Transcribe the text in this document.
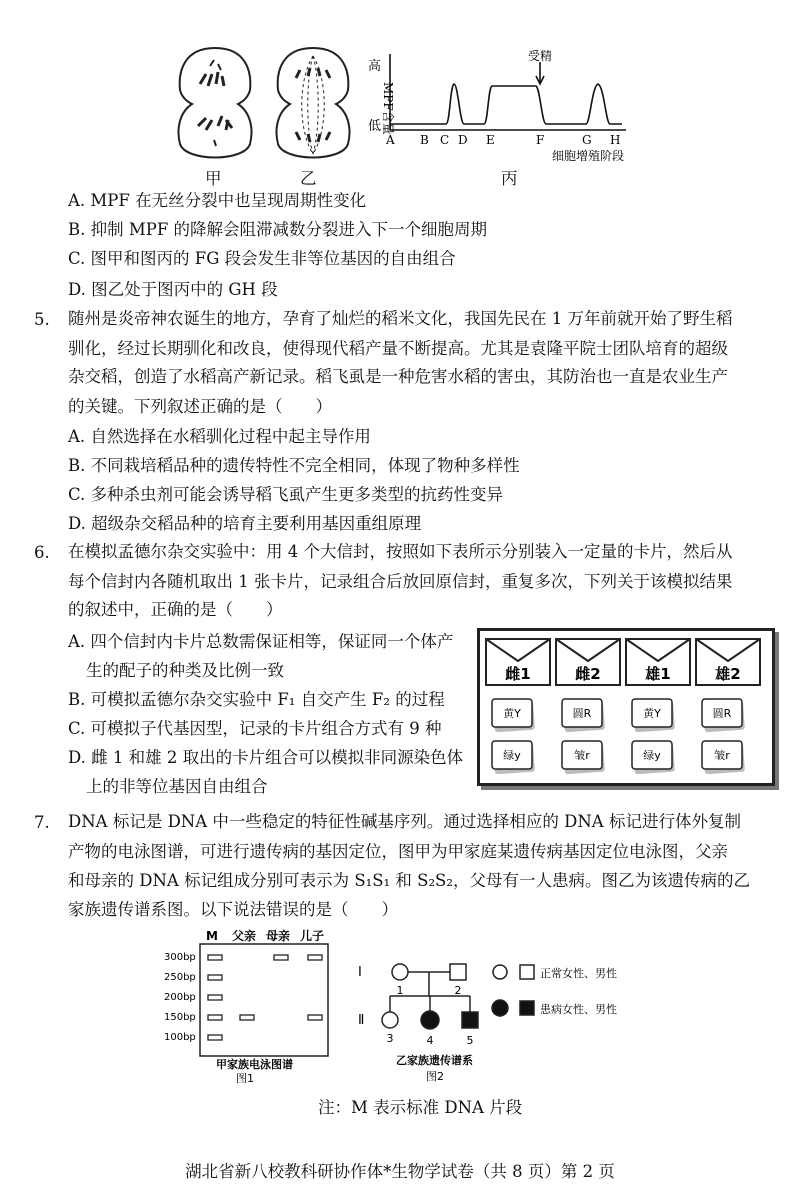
高
低 MPF含量
受精
A B C D E	F	G H
细胞增殖阶段
甲	乙	丙
A. MPF 在无丝分裂中也呈现周期性变化
B. 抑制 MPF 的降解会阻滞减数分裂进入下一个细胞周期
C. 图甲和图丙的 FG 段会发生非等位基因的自由组合
D. 图乙处于图丙中的 GH 段
5. 随州是炎帝神农诞生的地方，孕育了灿烂的稻米文化，我国先民在 1 万年前就开始了野生稻
驯化，经过长期驯化和改良，使得现代稻产量不断提高。尤其是袁隆平院士团队培育的超级
杂交稻，创造了水稻高产新记录。稻飞虱是一种危害水稻的害虫，其防治也一直是农业生产
的关键。下列叙述正确的是（　　）
A. 自然选择在水稻驯化过程中起主导作用
B. 不同栽培稻品种的遗传特性不完全相同，体现了物种多样性
C. 多种杀虫剂可能会诱导稻飞虱产生更多类型的抗药性变异
D. 超级杂交稻品种的培育主要利用基因重组原理
6. 在模拟孟德尔杂交实验中：用 4 个大信封，按照如下表所示分别装入一定量的卡片，然后从
每个信封内各随机取出 1 张卡片，记录组合后放回原信封，重复多次，下列关于该模拟结果
的叙述中，正确的是（　　）
A. 四个信封内卡片总数需保证相等，保证同一个体产
生的配子的种类及比例一致
B. 可模拟孟德尔杂交实验中 F₁ 自交产生 F₂ 的过程
C. 可模拟子代基因型，记录的卡片组合方式有 9 种
D. 雌 1 和雄 2 取出的卡片组合可以模拟非同源染色体
上的非等位基因自由组合
雌1	雌2	雄1	雄2
黄Y	圆R	黄Y	圆R
绿y	皱r	绿y	皱r
7. DNA 标记是 DNA 中一些稳定的特征性碱基序列。通过选择相应的 DNA 标记进行体外复制
产物的电泳图谱，可进行遗传病的基因定位，图甲为甲家庭某遗传病基因定位电泳图，父亲
和母亲的 DNA 标记组成分别可表示为 S₁S₁ 和 S₂S₂，父母有一人患病。图乙为该遗传病的乙
家族遗传谱系图。以下说法错误的是（　　）
M 父亲 母亲 儿子
300bp
250bp
200bp
150bp
100bp
甲家族电泳图谱
图1
Ⅰ
Ⅱ
1	2
3	4	5
正常女性、男性
患病女性、男性
乙家族遗传谱系
图2
注：M 表示标准 DNA 片段
湖北省新八校教科研协作体*生物学试卷（共 8 页）第 2 页
